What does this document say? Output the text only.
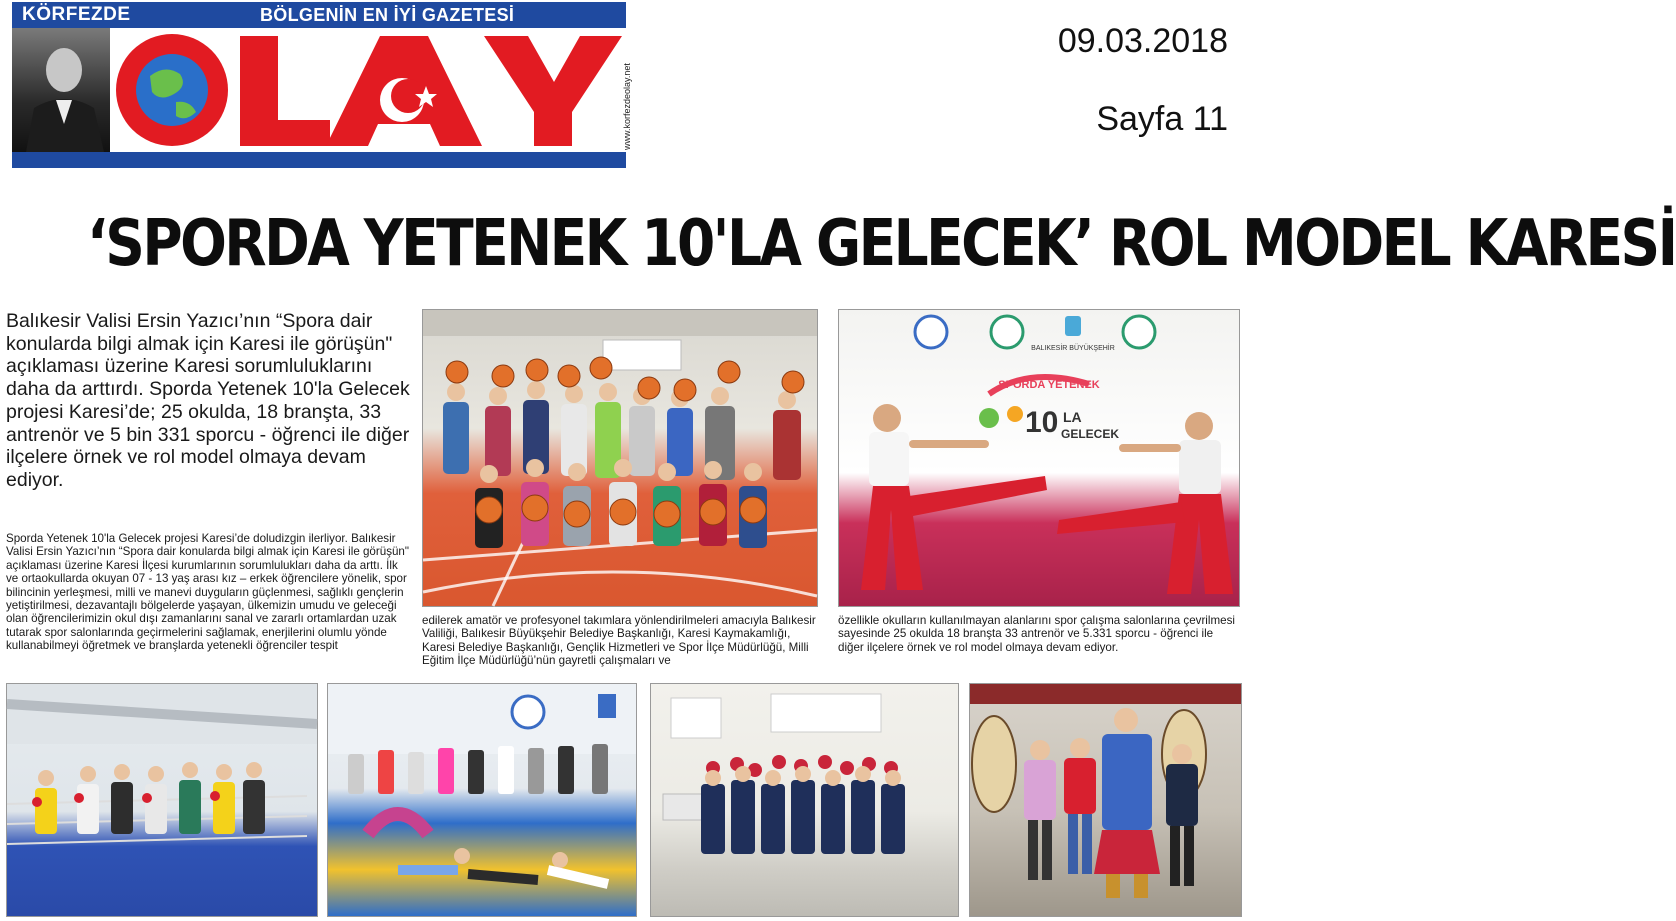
KÖRFEZDE	BÖLGENİN EN İYİ GAZETESİ
www.korfezdeolay.net
09.03.2018
Sayfa 11
‘SPORDA YETENEK 10'LA GELECEK’ ROL MODEL KARESİ
Balıkesir Valisi Ersin Yazıcı’nın “Spora dair konularda bilgi almak için Karesi ile görüşün" açıklaması üzerine Karesi sorumluluklarını daha da arttırdı. Sporda Yetenek 10'la Gelecek projesi Karesi’de; 25 okulda, 18 branşta, 33 antrenör ve 5 bin 331 sporcu - öğrenci ile diğer ilçelere örnek ve rol model olmaya devam ediyor.
Sporda Yetenek 10'la Gelecek projesi Karesi’de doludizgin ilerliyor. Balıkesir Valisi Ersin Yazıcı’nın “Spora dair konularda bilgi almak için Karesi ile görüşün" açıklaması üzerine Karesi İlçesi kurumlarının sorumlulukları daha da arttı. İlk ve ortaokullarda okuyan 07 - 13 yaş arası kız – erkek öğrencilere yönelik, spor bilincinin yerleşmesi, milli ve manevi duyguların güçlenmesi, sağlıklı gençlerin yetiştirilmesi, dezavantajlı bölgelerde yaşayan, ülkemizin umudu ve geleceği olan öğrencilerimizin okul dışı zamanlarını sanal ve zararlı ortamlardan uzak tutarak spor salonlarında geçirmelerini sağlamak, enerjilerini olumlu yönde kullanabilmeyi öğretmek ve branşlarda yetenekli öğrenciler tespit
BALIKESİR BÜYÜKŞEHİR
SPORDA YETENEK
10 LA
GELECEK
edilerek amatör ve profesyonel takımlara yönlendirilmeleri amacıyla Balıkesir Valiliği, Balıkesir Büyükşehir Belediye Başkanlığı, Karesi Kaymakamlığı, Karesi Belediye Başkanlığı, Gençlik Hizmetleri ve Spor İlçe Müdürlüğü, Milli Eğitim İlçe Müdürlüğü’nün gayretli çalışmaları ve
özellikle okulların kullanılmayan alanlarını spor çalışma salonlarına çevrilmesi sayesinde 25 okulda 18 branşta 33 antrenör ve 5.331 sporcu - öğrenci ile diğer ilçelere örnek ve rol model olmaya devam ediyor.
